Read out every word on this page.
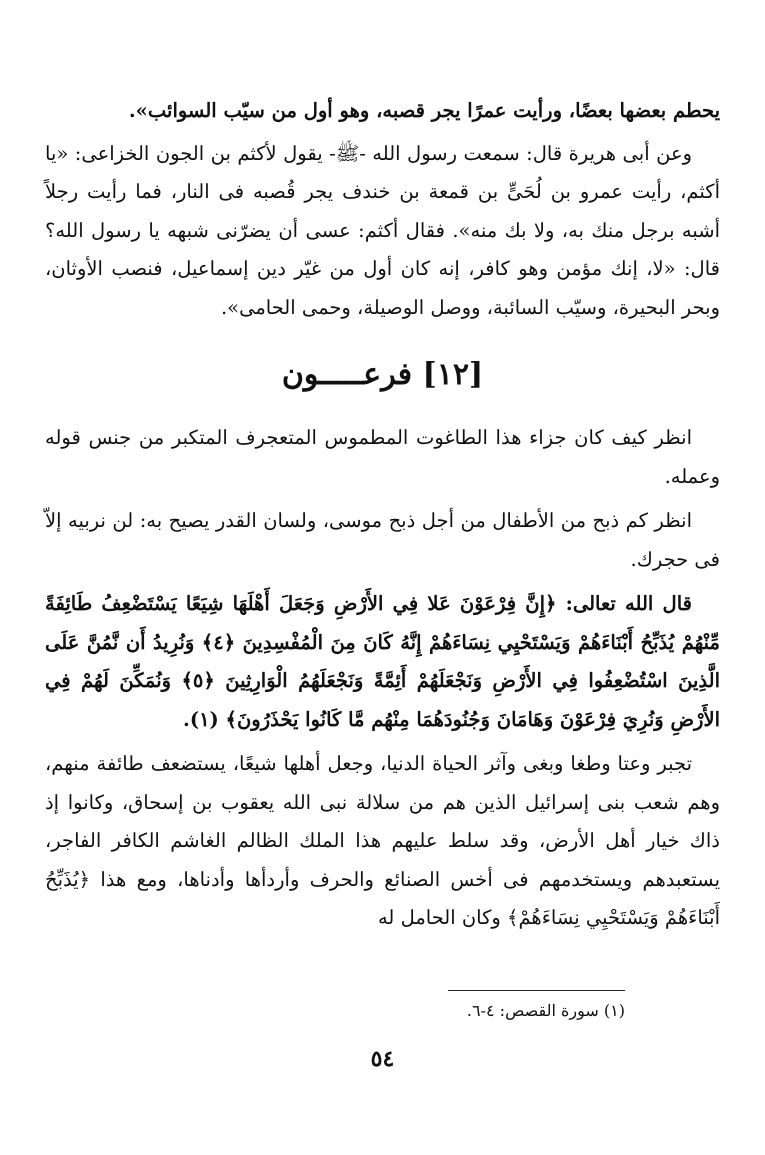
يحطم بعضها بعضًا، ورأيت عمرًا يجر قصبه، وهو أول من سيّب السوائب».

وعن أبى هريرة قال: سمعت رسول الله -ﷺ- يقول لأكثم بن الجون الخزاعى: «يا أكثم، رأيت عمرو بن لُحَىٍّ بن قمعة بن خندف يجر قُصبه فى النار، فما رأيت رجلاً أشبه برجل منك به، ولا بك منه». فقال أكثم: عسى أن يضرّنى شبهه يا رسول الله؟ قال: «لا، إنك مؤمن وهو كافر، إنه كان أول من غيّر دين إسماعيل، فنصب الأوثان، وبحر البحيرة، وسيّب السائبة، ووصل الوصيلة، وحمى الحامى».

[١٢] فرعـــــون

انظر كيف كان جزاء هذا الطاغوت المطموس المتعجرف المتكبر من جنس قوله وعمله.

انظر كم ذبح من الأطفال من أجل ذبح موسى، ولسان القدر يصيح به: لن نربيه إلاّ فى حجرك.

قال الله تعالى: ﴿إِنَّ فِرْعَوْنَ عَلا فِي الأَرْضِ وَجَعَلَ أَهْلَهَا شِيَعًا يَسْتَضْعِفُ طَائِفَةً مِّنْهُمْ يُذَبِّحُ أَبْنَاءَهُمْ وَيَسْتَحْيِي نِسَاءَهُمْ إِنَّهُ كَانَ مِنَ الْمُفْسِدِينَ ﴿٤﴾ وَنُرِيدُ أَن نَّمُنَّ عَلَى الَّذِينَ اسْتُضْعِفُوا فِي الأَرْضِ وَنَجْعَلَهُمْ أَئِمَّةً وَنَجْعَلَهُمُ الْوَارِثِينَ ﴿٥﴾ وَنُمَكِّنَ لَهُمْ فِي الأَرْضِ وَنُرِيَ فِرْعَوْنَ وَهَامَانَ وَجُنُودَهُمَا مِنْهُم مَّا كَانُوا يَحْذَرُونَ﴾ (١).

تجبر وعتا وطغا وبغى وآثر الحياة الدنيا، وجعل أهلها شيعًا، يستضعف طائفة منهم، وهم شعب بنى إسرائيل الذين هم من سلالة نبى الله يعقوب بن إسحاق، وكانوا إذ ذاك خيار أهل الأرض، وقد سلط عليهم هذا الملك الظالم الغاشم الكافر الفاجر، يستعبدهم ويستخدمهم فى أخس الصنائع والحرف وأردأها وأدناها، ومع هذا ﴿يُذَبِّحُ أَبْنَاءَهُمْ وَيَسْتَحْيِي نِسَاءَهُمْ﴾ وكان الحامل له

(١) سورة القصص: ٤-٦.
٥٤
